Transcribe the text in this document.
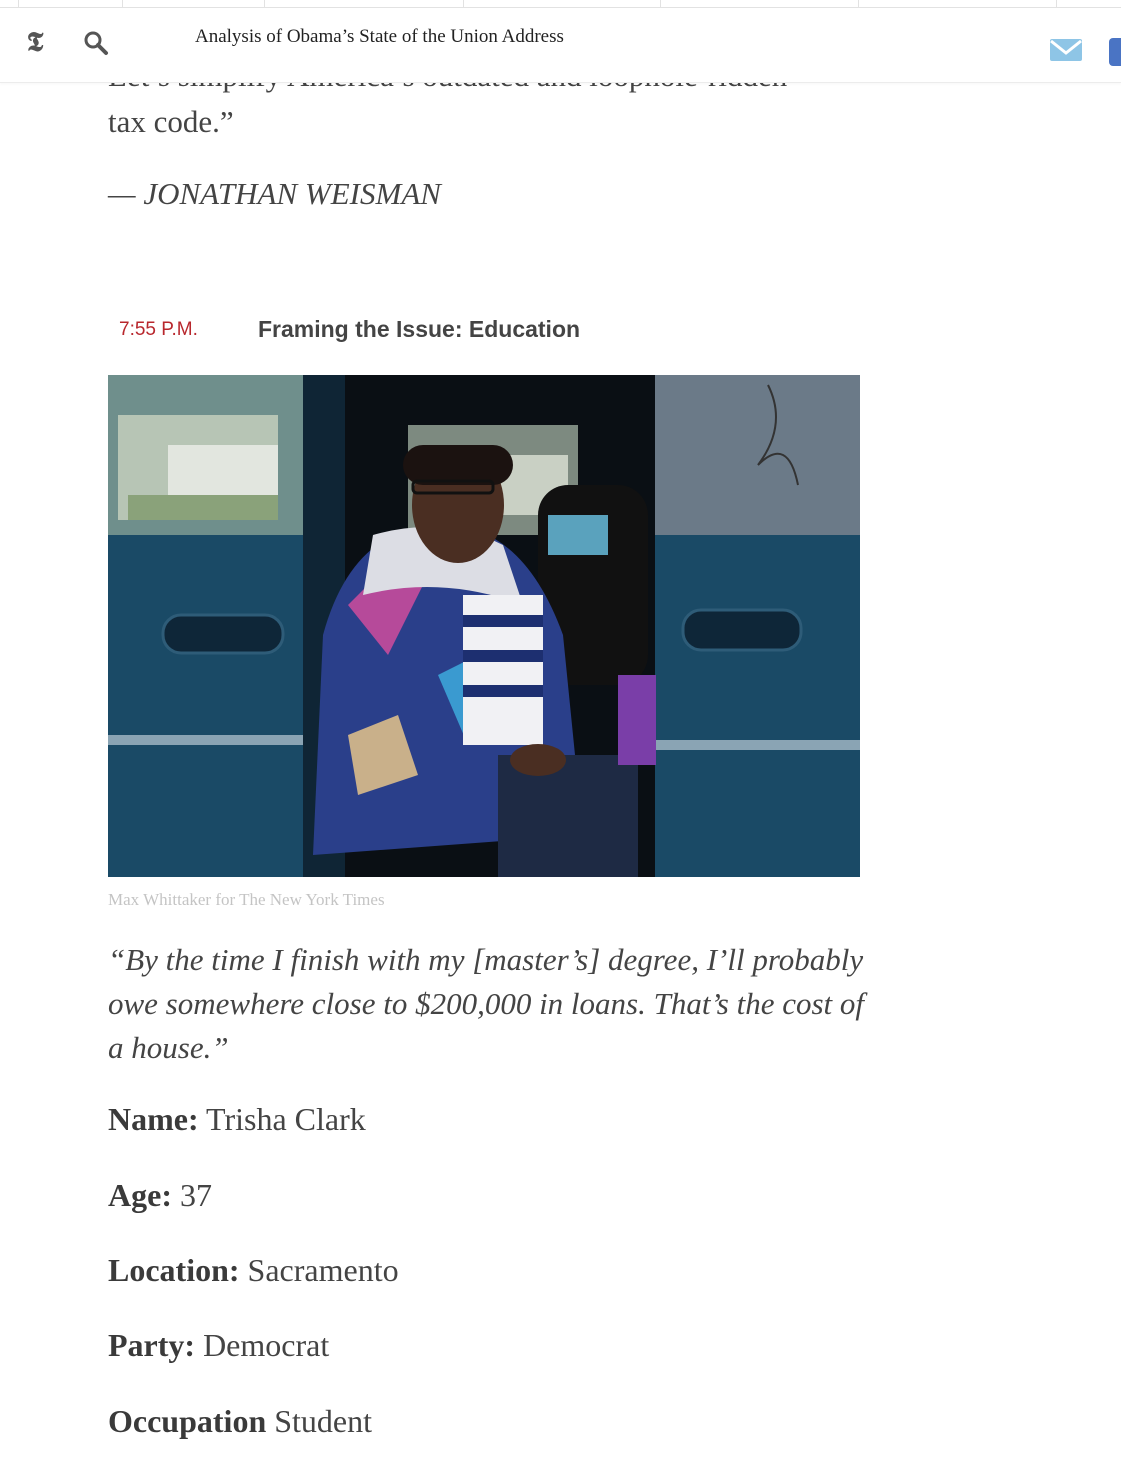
𝕿	Analysis of Obama’s State of the Union Address
tax code.”
— JONATHAN WEISMAN
7:55 P.M.	Framing the Issue: Education
Max Whittaker for The New York Times
“By the time I finish with my [master’s] degree, I’ll probably owe somewhere close to $200,000 in loans. That’s the cost of a house.”
Name: Trisha Clark
Age: 37
Location: Sacramento
Party: Democrat
Occupation Student
